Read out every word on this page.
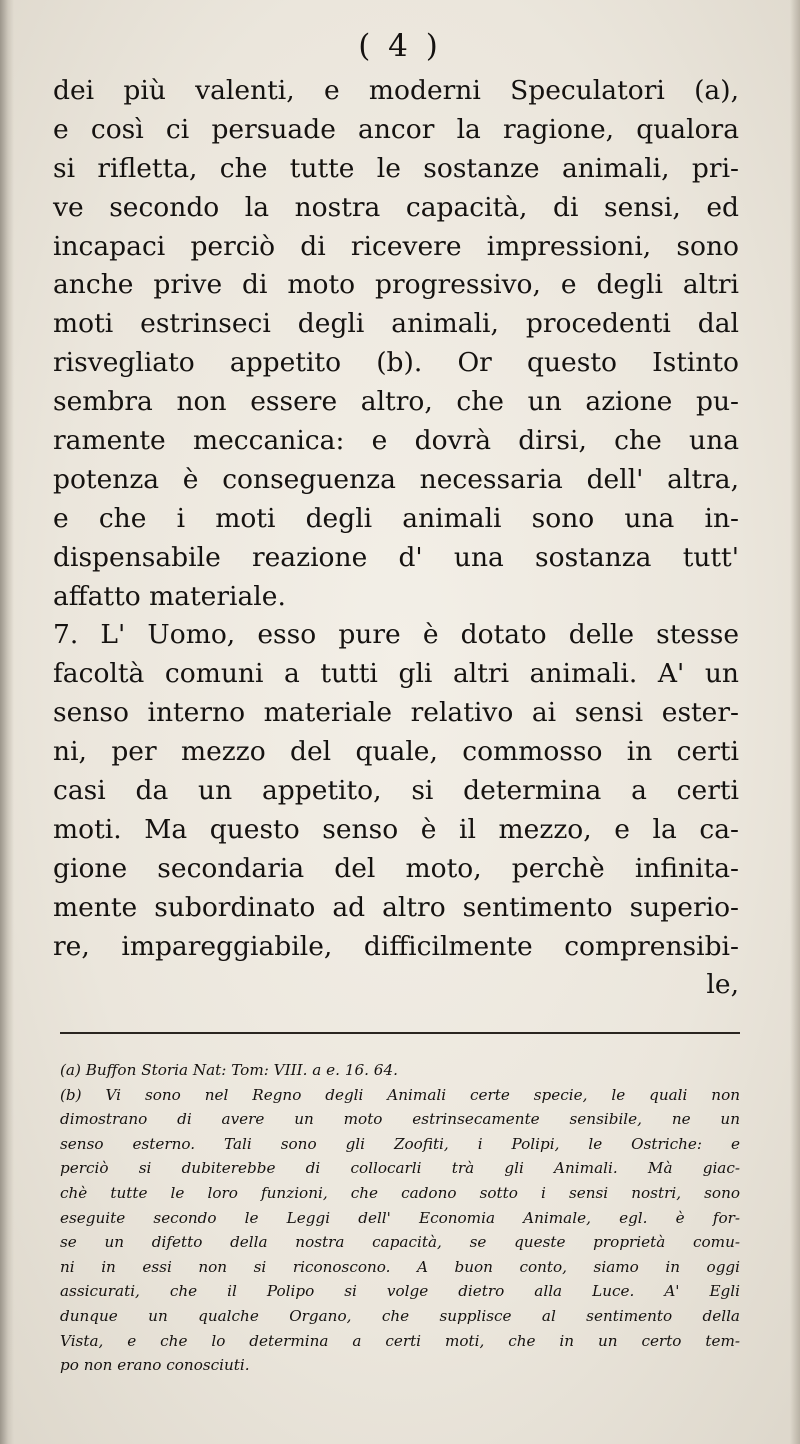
( 4 )
dei più valenti, e moderni Speculatori (a),
e così ci persuade ancor la ragione, qualora
si rifletta, che tutte le sostanze animali, pri-
ve secondo la nostra capacità, di sensi, ed
incapaci perciò di ricevere impressioni, sono
anche prive di moto progressivo, e degli altri
moti estrinseci degli animali, procedenti dal
risvegliato appetito (b). Or questo Istinto
sembra non essere altro, che un azione pu-
ramente meccanica: e dovrà dirsi, che una
potenza è conseguenza necessaria dell' altra,
e che i moti degli animali sono una in-
dispensabile reazione d' una sostanza tutt'
affatto materiale.
7. L' Uomo, esso pure è dotato delle stesse
facoltà comuni a tutti gli altri animali. A' un
senso interno materiale relativo ai sensi ester-
ni, per mezzo del quale, commosso in certi
casi da un appetito, si determina a certi
moti. Ma questo senso è il mezzo, e la ca-
gione secondaria del moto, perchè infinita-
mente subordinato ad altro sentimento superio-
re, impareggiabile, difficilmente comprensibi-
le,
(a) Buffon Storia Nat: Tom: VIII. a e. 16. 64.
(b) Vi sono nel Regno degli Animali certe specie, le quali non
dimostrano di avere un moto estrinsecamente sensibile, ne un
senso esterno. Tali sono gli Zoofiti, i Polipi, le Ostriche: e
perciò si dubiterebbe di collocarli trà gli Animali. Mà giac-
chè tutte le loro funzioni, che cadono sotto i sensi nostri, sono
eseguite secondo le Leggi dell' Economia Animale, egl. è for-
se un difetto della nostra capacità, se queste proprietà comu-
ni in essi non si riconoscono. A buon conto, siamo in oggi
assicurati, che il Polipo si volge dietro alla Luce. A' Egli
dunque un qualche Organo, che supplisce al sentimento della
Vista, e che lo determina a certi moti, che in un certo tem-
po non erano conosciuti.
